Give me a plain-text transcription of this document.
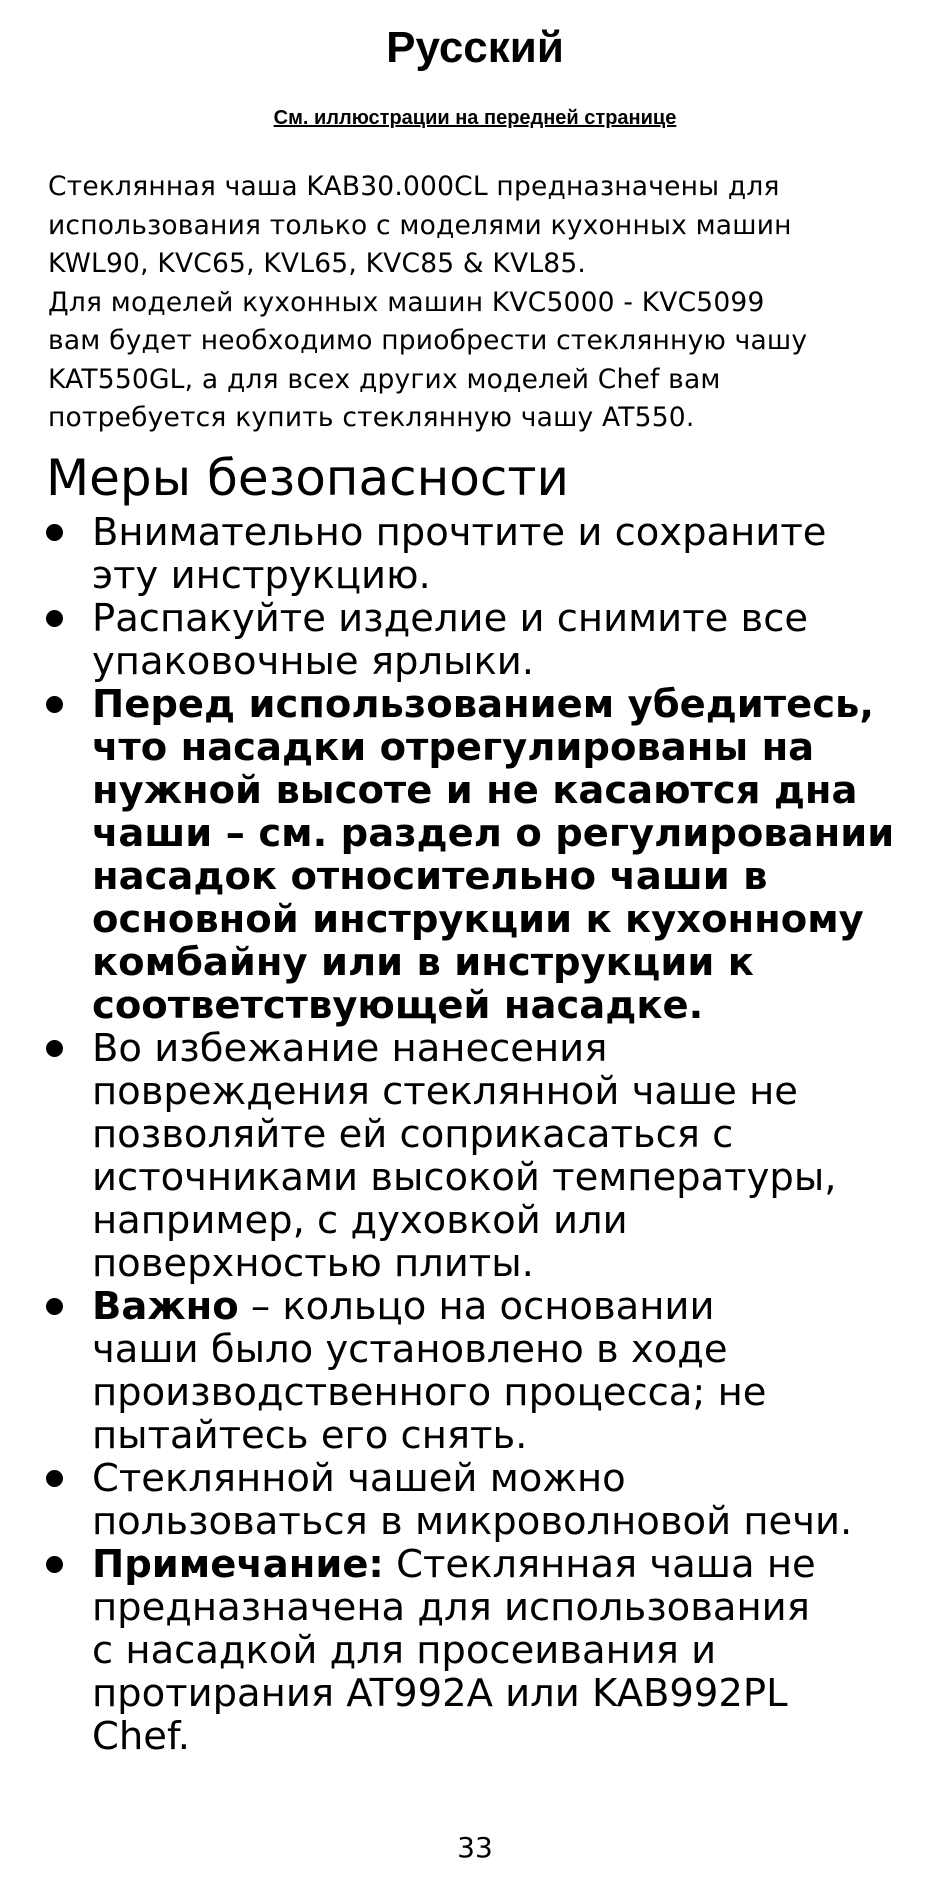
Русский
См. иллюстрации на передней странице

Стеклянная чаша KAB30.000CL предназначены для

использования только с моделями кухонных машин

KWL90, KVC65, KVL65, KVC85 & KVL85.

Для моделей кухонных машин KVC5000 - KVC5099

вам будет необходимо приобрести стеклянную чашу

KAT550GL, а для всех других моделей Chef вам

потребуется купить стеклянную чашу AT550.

Меры безопасности
Внимательно прочтите и сохраните
эту инструкцию.
Распакуйте изделие и снимите все
упаковочные ярлыки.
Перед использованием убедитесь,
что насадки отрегулированы на
нужной высоте и не касаются дна
чаши – см. раздел о регулировании
насадок относительно чаши в
основной инструкции к кухонному
комбайну или в инструкции к
соответствующей насадке.
Во избежание нанесения
повреждения стеклянной чаше не
позволяйте ей соприкасаться с
источниками высокой температуры,
например, с духовкой или
поверхностью плиты.
Важно – кольцо на основании
чаши было установлено в ходе
производственного процесса; не
пытайтесь его снять.
Стеклянной чашей можно
пользоваться в микроволновой печи.
Примечание: Стеклянная чаша не
предназначена для использования
с насадкой для просеивания и
протирания AT992A или KAB992PL
Chef.
33
